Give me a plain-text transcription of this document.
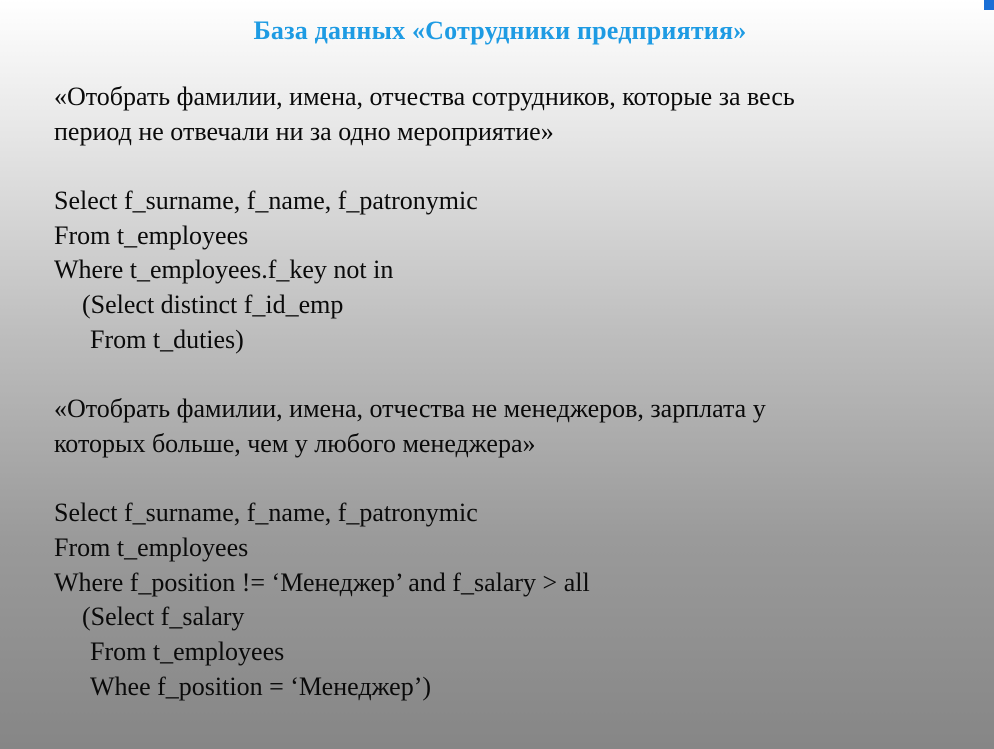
База данных «Сотрудники предприятия»
«Отобрать фамилии, имена, отчества сотрудников, которые за весь
период не отвечали ни за одно мероприятие»
Select f_surname, f_name, f_patronymic
From t_employees
Where t_employees.f_key not in
(Select distinct f_id_emp
From t_duties)
«Отобрать фамилии, имена, отчества не менеджеров, зарплата у
которых больше, чем у любого менеджера»
Select f_surname, f_name, f_patronymic
From t_employees
Where f_position != ‘Менеджер’ and f_salary > all
(Select f_salary
From t_employees
Whee f_position = ‘Менеджер’)
